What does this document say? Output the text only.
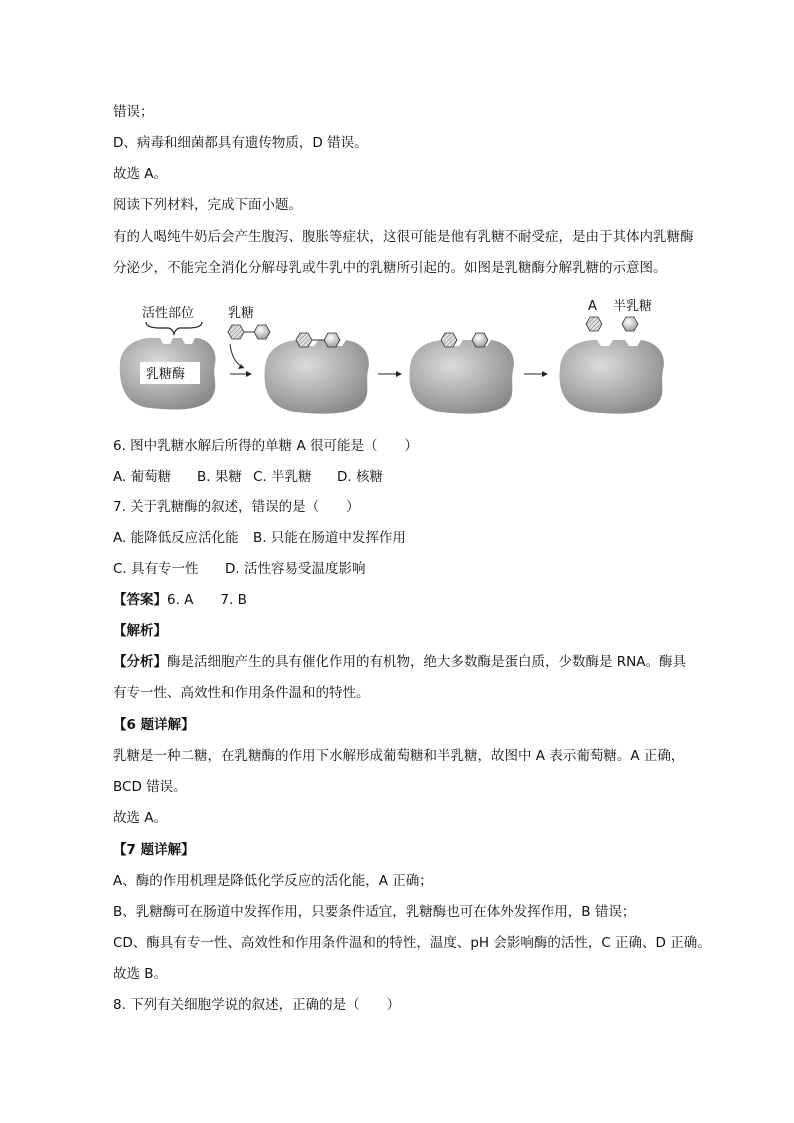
错误；
D、病毒和细菌都具有遗传物质，D 错误。
故选 A。
阅读下列材料，完成下面小题。
有的人喝纯牛奶后会产生腹泻、腹胀等症状，这很可能是他有乳糖不耐受症，是由于其体内乳糖酶分泌少，不能完全消化分解母乳或牛乳中的乳糖所引起的。如图是乳糖酶分解乳糖的示意图。
活性部位
乳糖酶
乳糖	A 半乳糖
6. 图中乳糖水解后所得的单糖 A 很可能是（　　）
A. 葡萄糖 B. 果糖 C. 半乳糖 D. 核糖
7. 关于乳糖酶的叙述，错误的是（　　）
A. 能降低反应活化能 B. 只能在肠道中发挥作用
C. 具有专一性 D. 活性容易受温度影响
【答案】6. A　　7. B
【解析】
【分析】酶是活细胞产生的具有催化作用的有机物，绝大多数酶是蛋白质，少数酶是 RNA。酶具有专一性、高效性和作用条件温和的特性。
【6 题详解】
乳糖是一种二糖，在乳糖酶的作用下水解形成葡萄糖和半乳糖，故图中 A 表示葡萄糖。A 正确，BCD 错误。
故选 A。
【7 题详解】
A、酶的作用机理是降低化学反应的活化能，A 正确；
B、乳糖酶可在肠道中发挥作用，只要条件适宜，乳糖酶也可在体外发挥作用，B 错误；
CD、酶具有专一性、高效性和作用条件温和的特性，温度、pH 会影响酶的活性，C 正确、D 正确。
故选 B。
8. 下列有关细胞学说的叙述，正确的是（　　）
